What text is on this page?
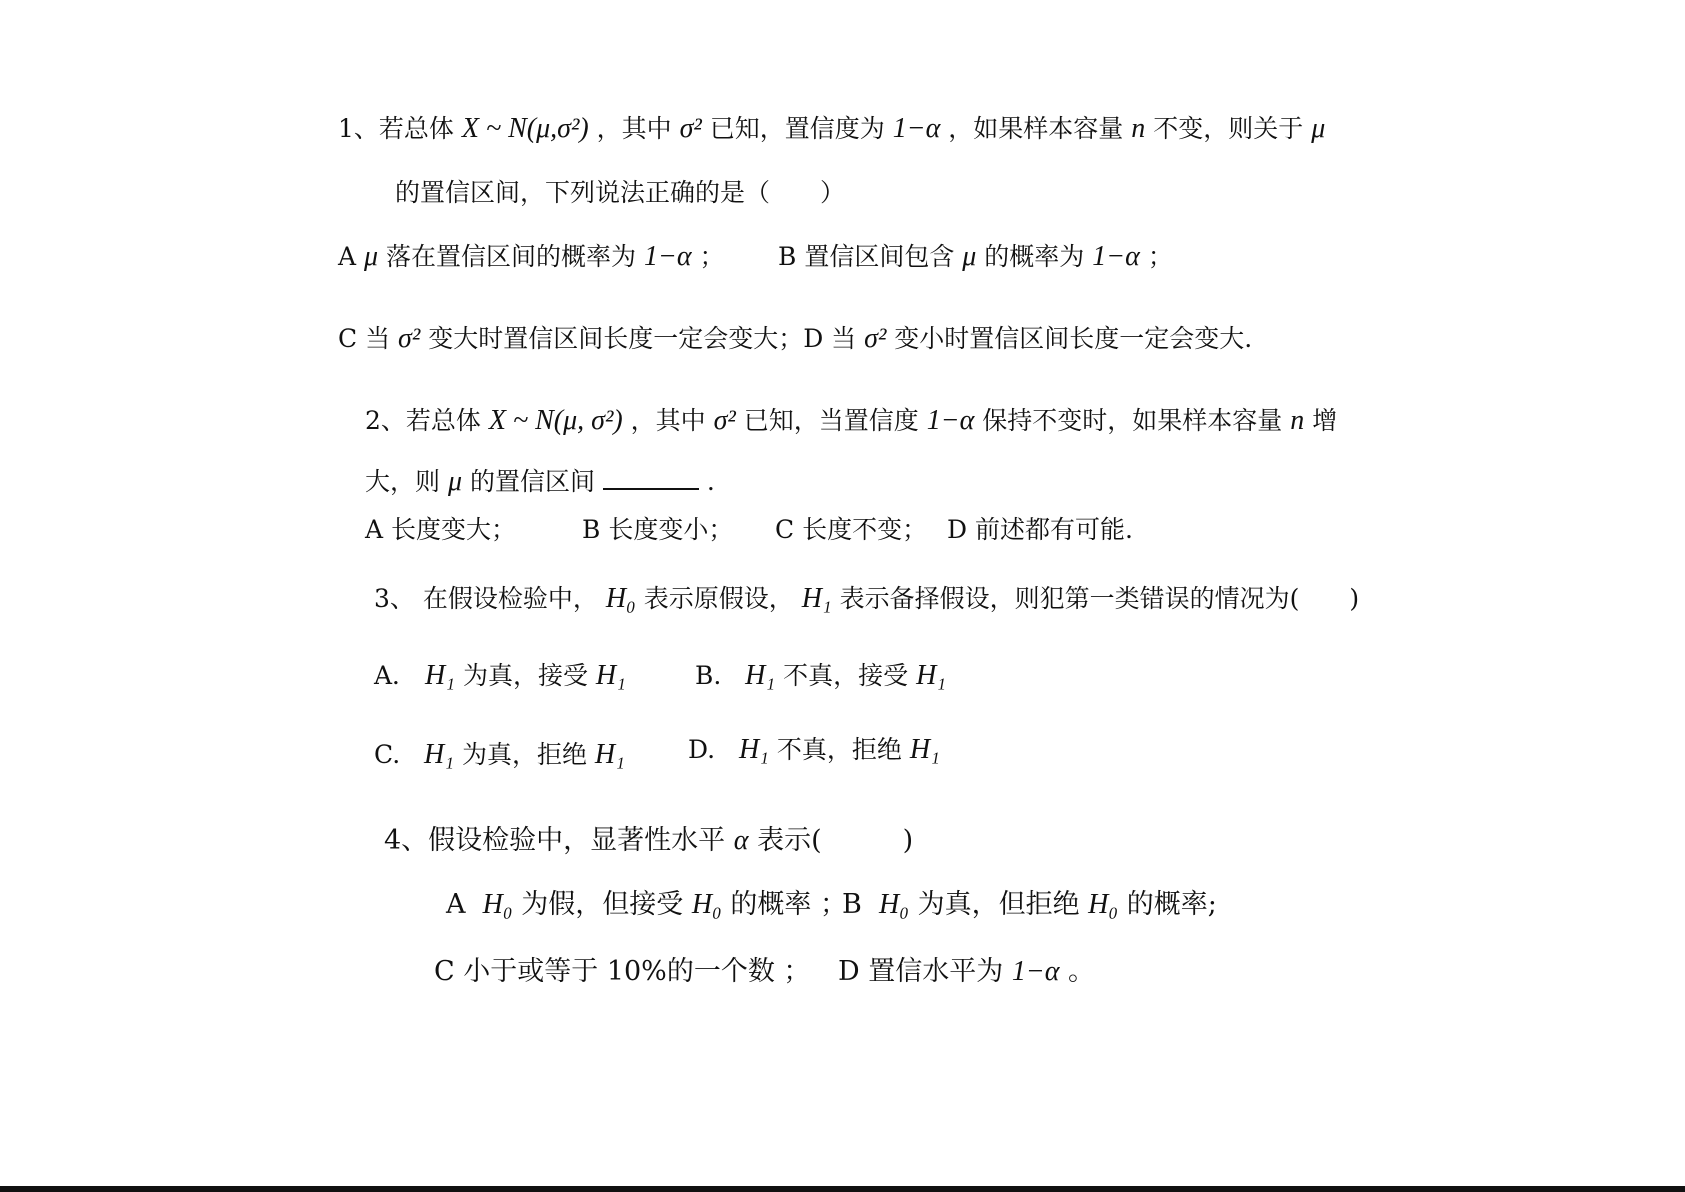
1、若总体 X ~ N(μ,σ²) ，其中 σ² 已知，置信度为 1−α ，如果样本容量 n 不变，则关于 μ
的置信区间，下列说法正确的是（　　）
A μ 落在置信区间的概率为 1−α ； B 置信区间包含 μ 的概率为 1−α ；
C 当 σ² 变大时置信区间长度一定会变大；D 当 σ² 变小时置信区间长度一定会变大.
2、若总体 X ~ N(μ, σ²) ，其中 σ² 已知，当置信度 1−α 保持不变时，如果样本容量 n 增
大，则 μ 的置信区间	.
A 长度变大；	B 长度变小； C 长度不变； D 前述都有可能.
3、 在假设检验中， H₀ 表示原假设， H₁ 表示备择假设，则犯第一类错误的情况为(　　)
A． H₁ 为真，接受 H₁	B. H₁ 不真，接受 H₁
C. H₁ 为真，拒绝 H₁	D. H₁ 不真，拒绝 H₁
4、假设检验中，显著性水平 α 表示(　　　)
A H₀ 为假，但接受 H₀ 的概率 ；
B H₀ 为真，但拒绝 H₀ 的概率;
C 小于或等于 10%的一个数 ； D 置信水平为 1−α 。
